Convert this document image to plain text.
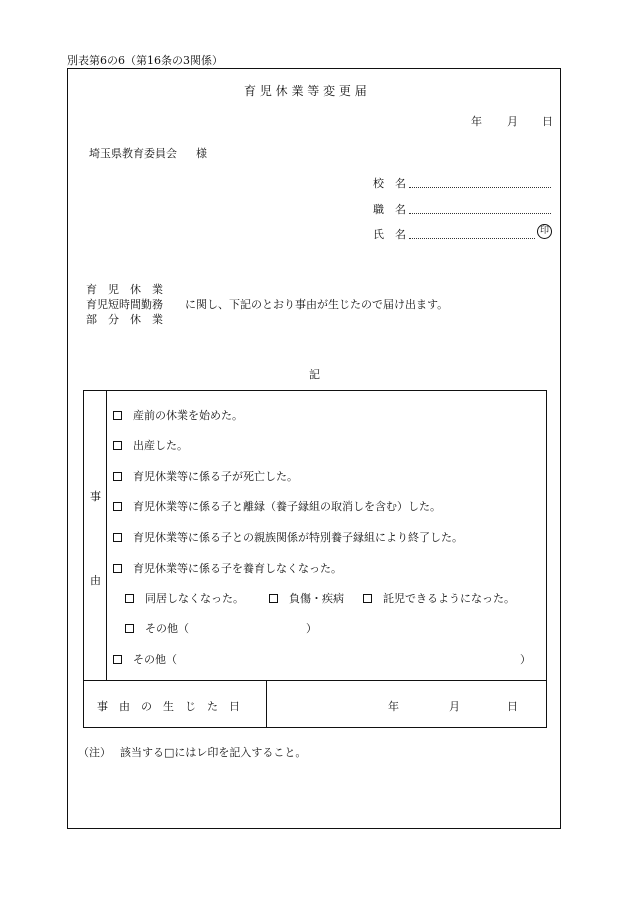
別表第6の6（第16条の3関係）
育 児 休 業 等 変 更 届
年 月 日
埼玉県教育委員会 様
校　名
職　名
氏　名	印
育　児　休　業
育児短時間勤務
部　分　休　業
に関し、下記のとおり事由が生じたので届け出ます。
記
事
由
産前の休業を始めた。
出産した。
育児休業等に係る子が死亡した。
育児休業等に係る子と離縁（養子縁組の取消しを含む）した。
育児休業等に係る子との親族関係が特別養子縁組により終了した。
育児休業等に係る子を養育しなくなった。
同居しなくなった。	負傷・疾病	託児できるようになった。
その他（	）
その他（	）
事　由　の　生　じ　た　日	年	月	日
（注） 該当する□にはレ印を記入すること。
